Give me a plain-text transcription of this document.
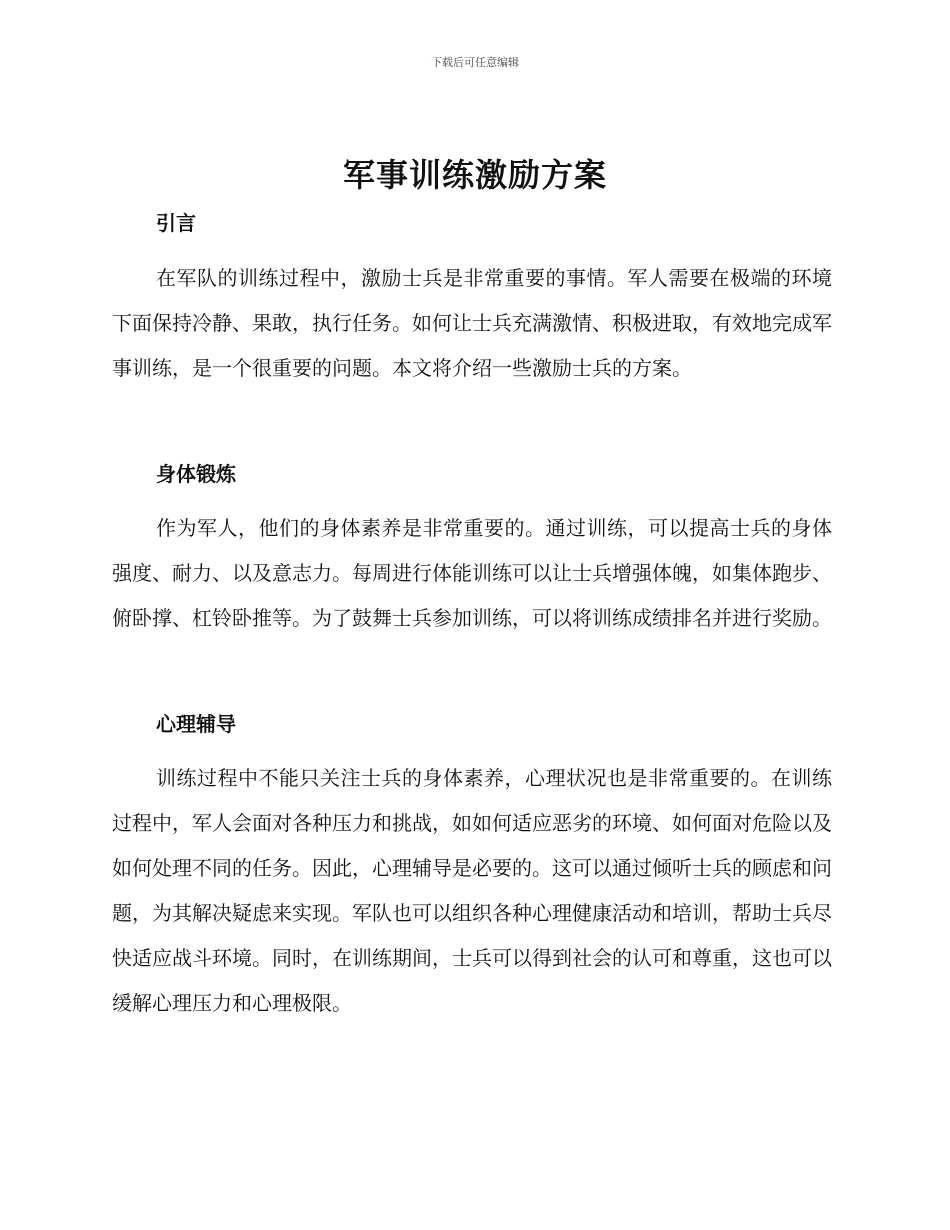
下载后可任意编辑
军事训练激励方案
引言

在军队的训练过程中，激励士兵是非常重要的事情。军人需要在极端的环境下面保持冷静、果敢，执行任务。如何让士兵充满激情、积极进取，有效地完成军事训练，是一个很重要的问题。本文将介绍一些激励士兵的方案。

身体锻炼

作为军人，他们的身体素养是非常重要的。通过训练，可以提高士兵的身体强度、耐力、以及意志力。每周进行体能训练可以让士兵增强体魄，如集体跑步、俯卧撑、杠铃卧推等。为了鼓舞士兵参加训练，可以将训练成绩排名并进行奖励。

心理辅导

训练过程中不能只关注士兵的身体素养，心理状况也是非常重要的。在训练过程中，军人会面对各种压力和挑战，如如何适应恶劣的环境、如何面对危险以及如何处理不同的任务。因此，心理辅导是必要的。这可以通过倾听士兵的顾虑和问题，为其解决疑虑来实现。军队也可以组织各种心理健康活动和培训，帮助士兵尽快适应战斗环境。同时，在训练期间，士兵可以得到社会的认可和尊重，这也可以缓解心理压力和心理极限。
